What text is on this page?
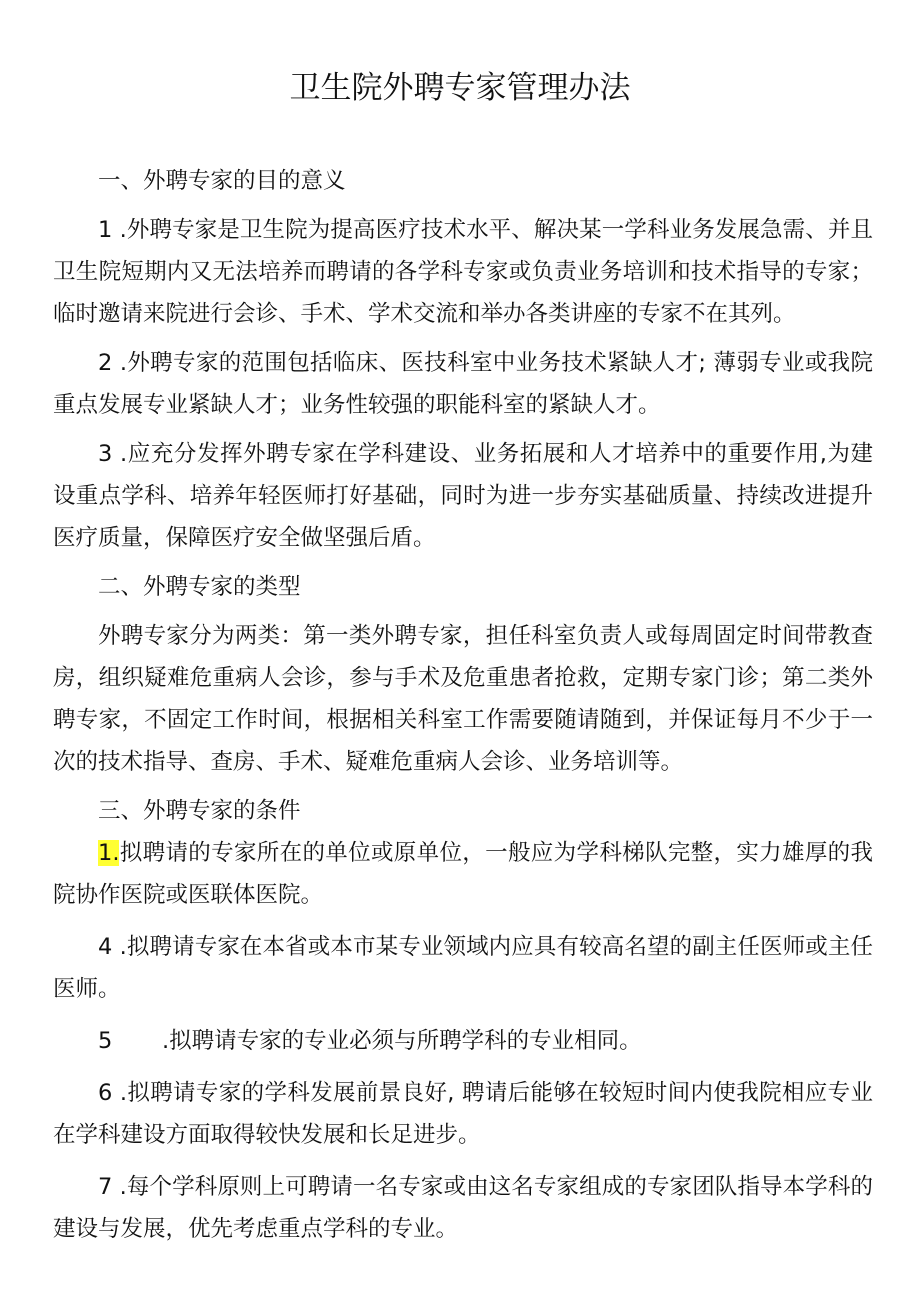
卫生院外聘专家管理办法

一、外聘专家的目的意义

1 .外聘专家是卫生院为提高医疗技术水平、解决某一学科业务发展急需、并且卫生院短期内又无法培养而聘请的各学科专家或负责业务培训和技术指导的专家；临时邀请来院进行会诊、手术、学术交流和举办各类讲座的专家不在其列。

2 .外聘专家的范围包括临床、医技科室中业务技术紧缺人才; 薄弱专业或我院重点发展专业紧缺人才；业务性较强的职能科室的紧缺人才。

3 .应充分发挥外聘专家在学科建设、业务拓展和人才培养中的重要作用,为建设重点学科、培养年轻医师打好基础，同时为进一步夯实基础质量、持续改进提升医疗质量，保障医疗安全做坚强后盾。

二、外聘专家的类型

外聘专家分为两类：第一类外聘专家，担任科室负责人或每周固定时间带教查房，组织疑难危重病人会诊，参与手术及危重患者抢救，定期专家门诊；第二类外聘专家，不固定工作时间，根据相关科室工作需要随请随到，并保证每月不少于一次的技术指导、查房、手术、疑难危重病人会诊、业务培训等。

三、外聘专家的条件

1.拟聘请的专家所在的单位或原单位，一般应为学科梯队完整，实力雄厚的我院协作医院或医联体医院。

4 .拟聘请专家在本省或本市某专业领域内应具有较高名望的副主任医师或主任医师。

5 .拟聘请专家的专业必须与所聘学科的专业相同。

6 .拟聘请专家的学科发展前景良好, 聘请后能够在较短时间内使我院相应专业在学科建设方面取得较快发展和长足进步。

7 .每个学科原则上可聘请一名专家或由这名专家组成的专家团队指导本学科的建设与发展，优先考虑重点学科的专业。
